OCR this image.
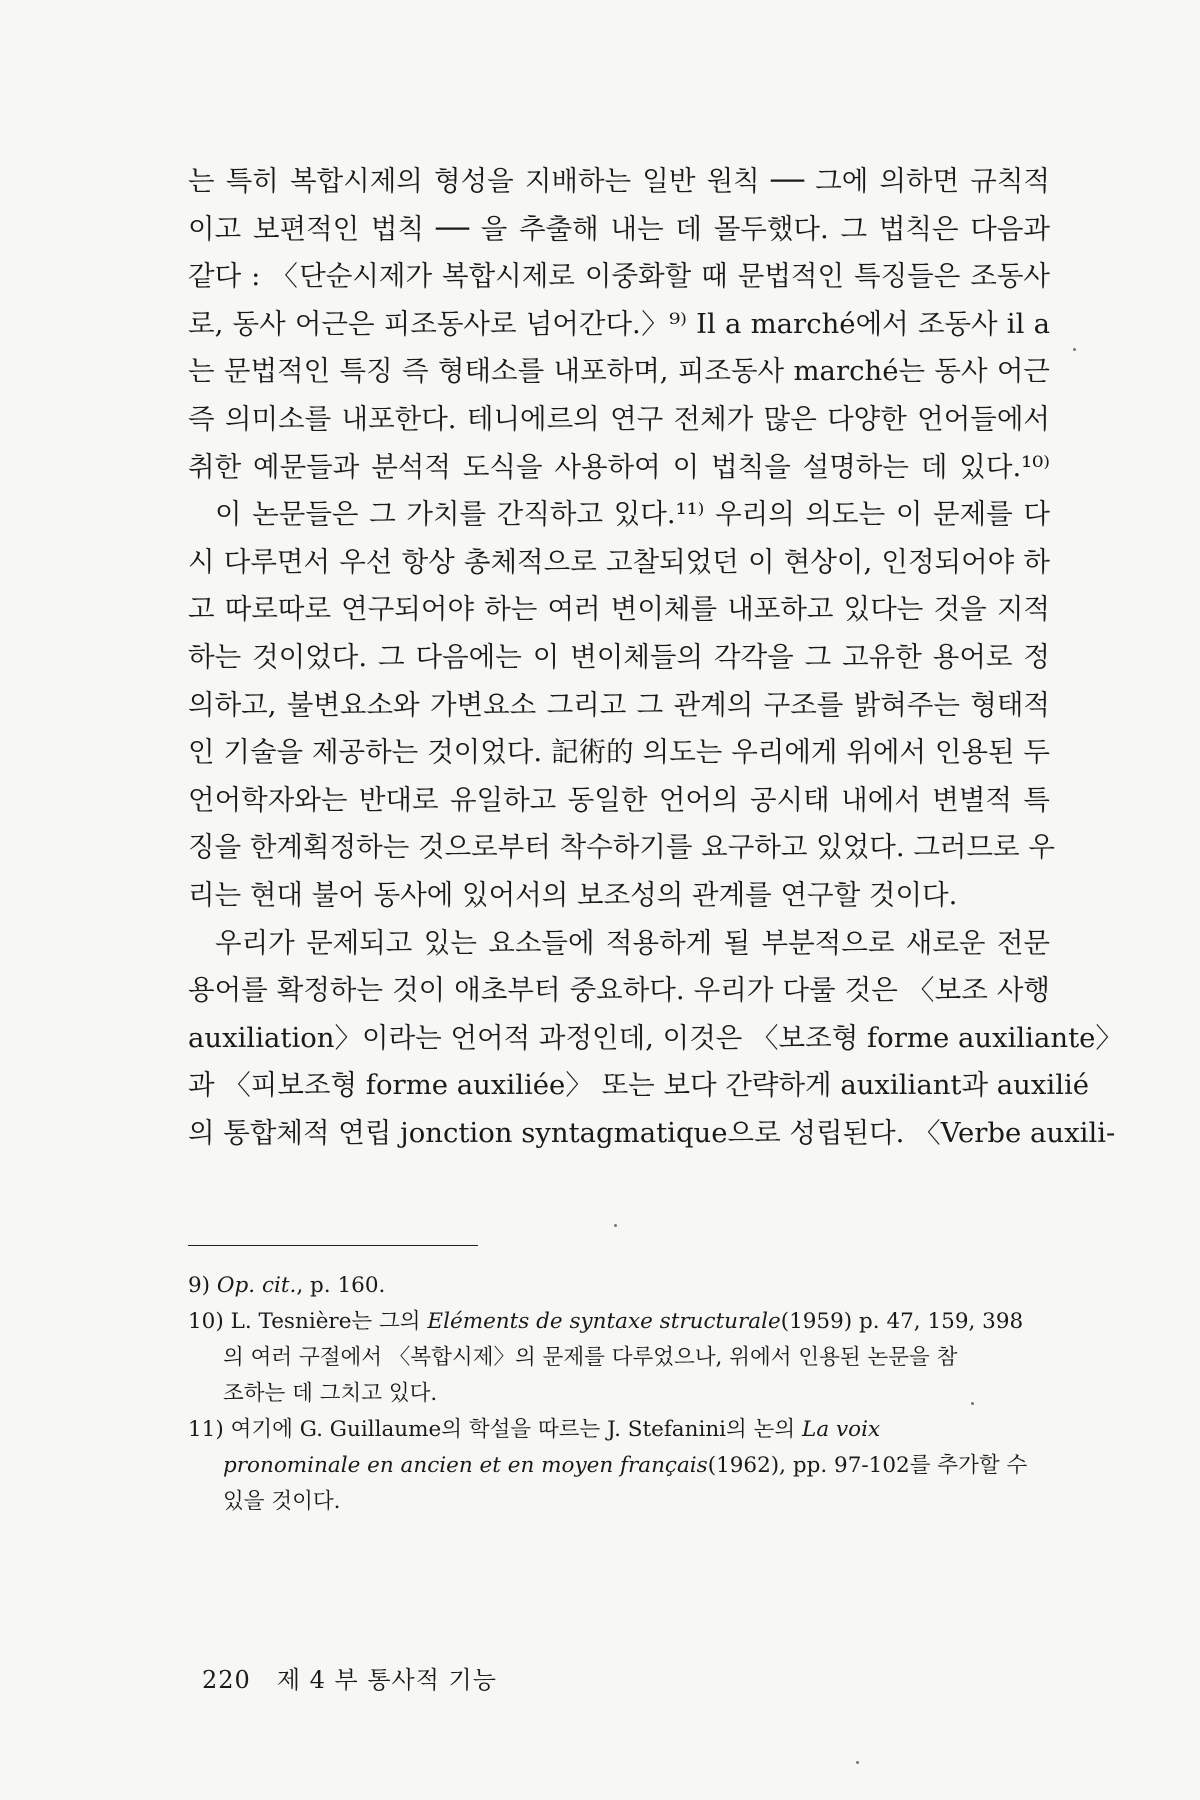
는 특히 복합시제의 형성을 지배하는 일반 원칙 ── 그에 의하면 규칙적
이고 보편적인 법칙 ── 을 추출해 내는 데 몰두했다. 그 법칙은 다음과
같다 : 〈단순시제가 복합시제로 이중화할 때 문법적인 특징들은 조동사
로, 동사 어근은 피조동사로 넘어간다.〉⁹⁾ Il a marché에서 조동사 il a
는 문법적인 특징 즉 형태소를 내포하며, 피조동사 marché는 동사 어근
즉 의미소를 내포한다. 테니에르의 연구 전체가 많은 다양한 언어들에서
취한 예문들과 분석적 도식을 사용하여 이 법칙을 설명하는 데 있다.¹⁰⁾
이 논문들은 그 가치를 간직하고 있다.¹¹⁾ 우리의 의도는 이 문제를 다
시 다루면서 우선 항상 총체적으로 고찰되었던 이 현상이, 인정되어야 하
고 따로따로 연구되어야 하는 여러 변이체를 내포하고 있다는 것을 지적
하는 것이었다. 그 다음에는 이 변이체들의 각각을 그 고유한 용어로 정
의하고, 불변요소와 가변요소 그리고 그 관계의 구조를 밝혀주는 형태적
인 기술을 제공하는 것이었다. 記術的 의도는 우리에게 위에서 인용된 두
언어학자와는 반대로 유일하고 동일한 언어의 공시태 내에서 변별적 특
징을 한계획정하는 것으로부터 착수하기를 요구하고 있었다. 그러므로 우
리는 현대 불어 동사에 있어서의 보조성의 관계를 연구할 것이다.
우리가 문제되고 있는 요소들에 적용하게 될 부분적으로 새로운 전문
용어를 확정하는 것이 애초부터 중요하다. 우리가 다룰 것은 〈보조 사행
auxiliation〉이라는 언어적 과정인데, 이것은 〈보조형 forme auxiliante〉
과 〈피보조형 forme auxiliée〉 또는 보다 간략하게 auxiliant과 auxilié
의 통합체적 연립 jonction syntagmatique으로 성립된다. 〈Verbe auxili-
9) Op. cit., p. 160.
10) L. Tesnière는 그의 Eléments de syntaxe structurale(1959) p. 47, 159, 398
의 여러 구절에서 〈복합시제〉의 문제를 다루었으나, 위에서 인용된 논문을 참
조하는 데 그치고 있다.
11) 여기에 G. Guillaume의 학설을 따르는 J. Stefanini의 논의 La voix
pronominale en ancien et en moyen français(1962), pp. 97-102를 추가할 수
있을 것이다.
220 제 4 부 통사적 기능
